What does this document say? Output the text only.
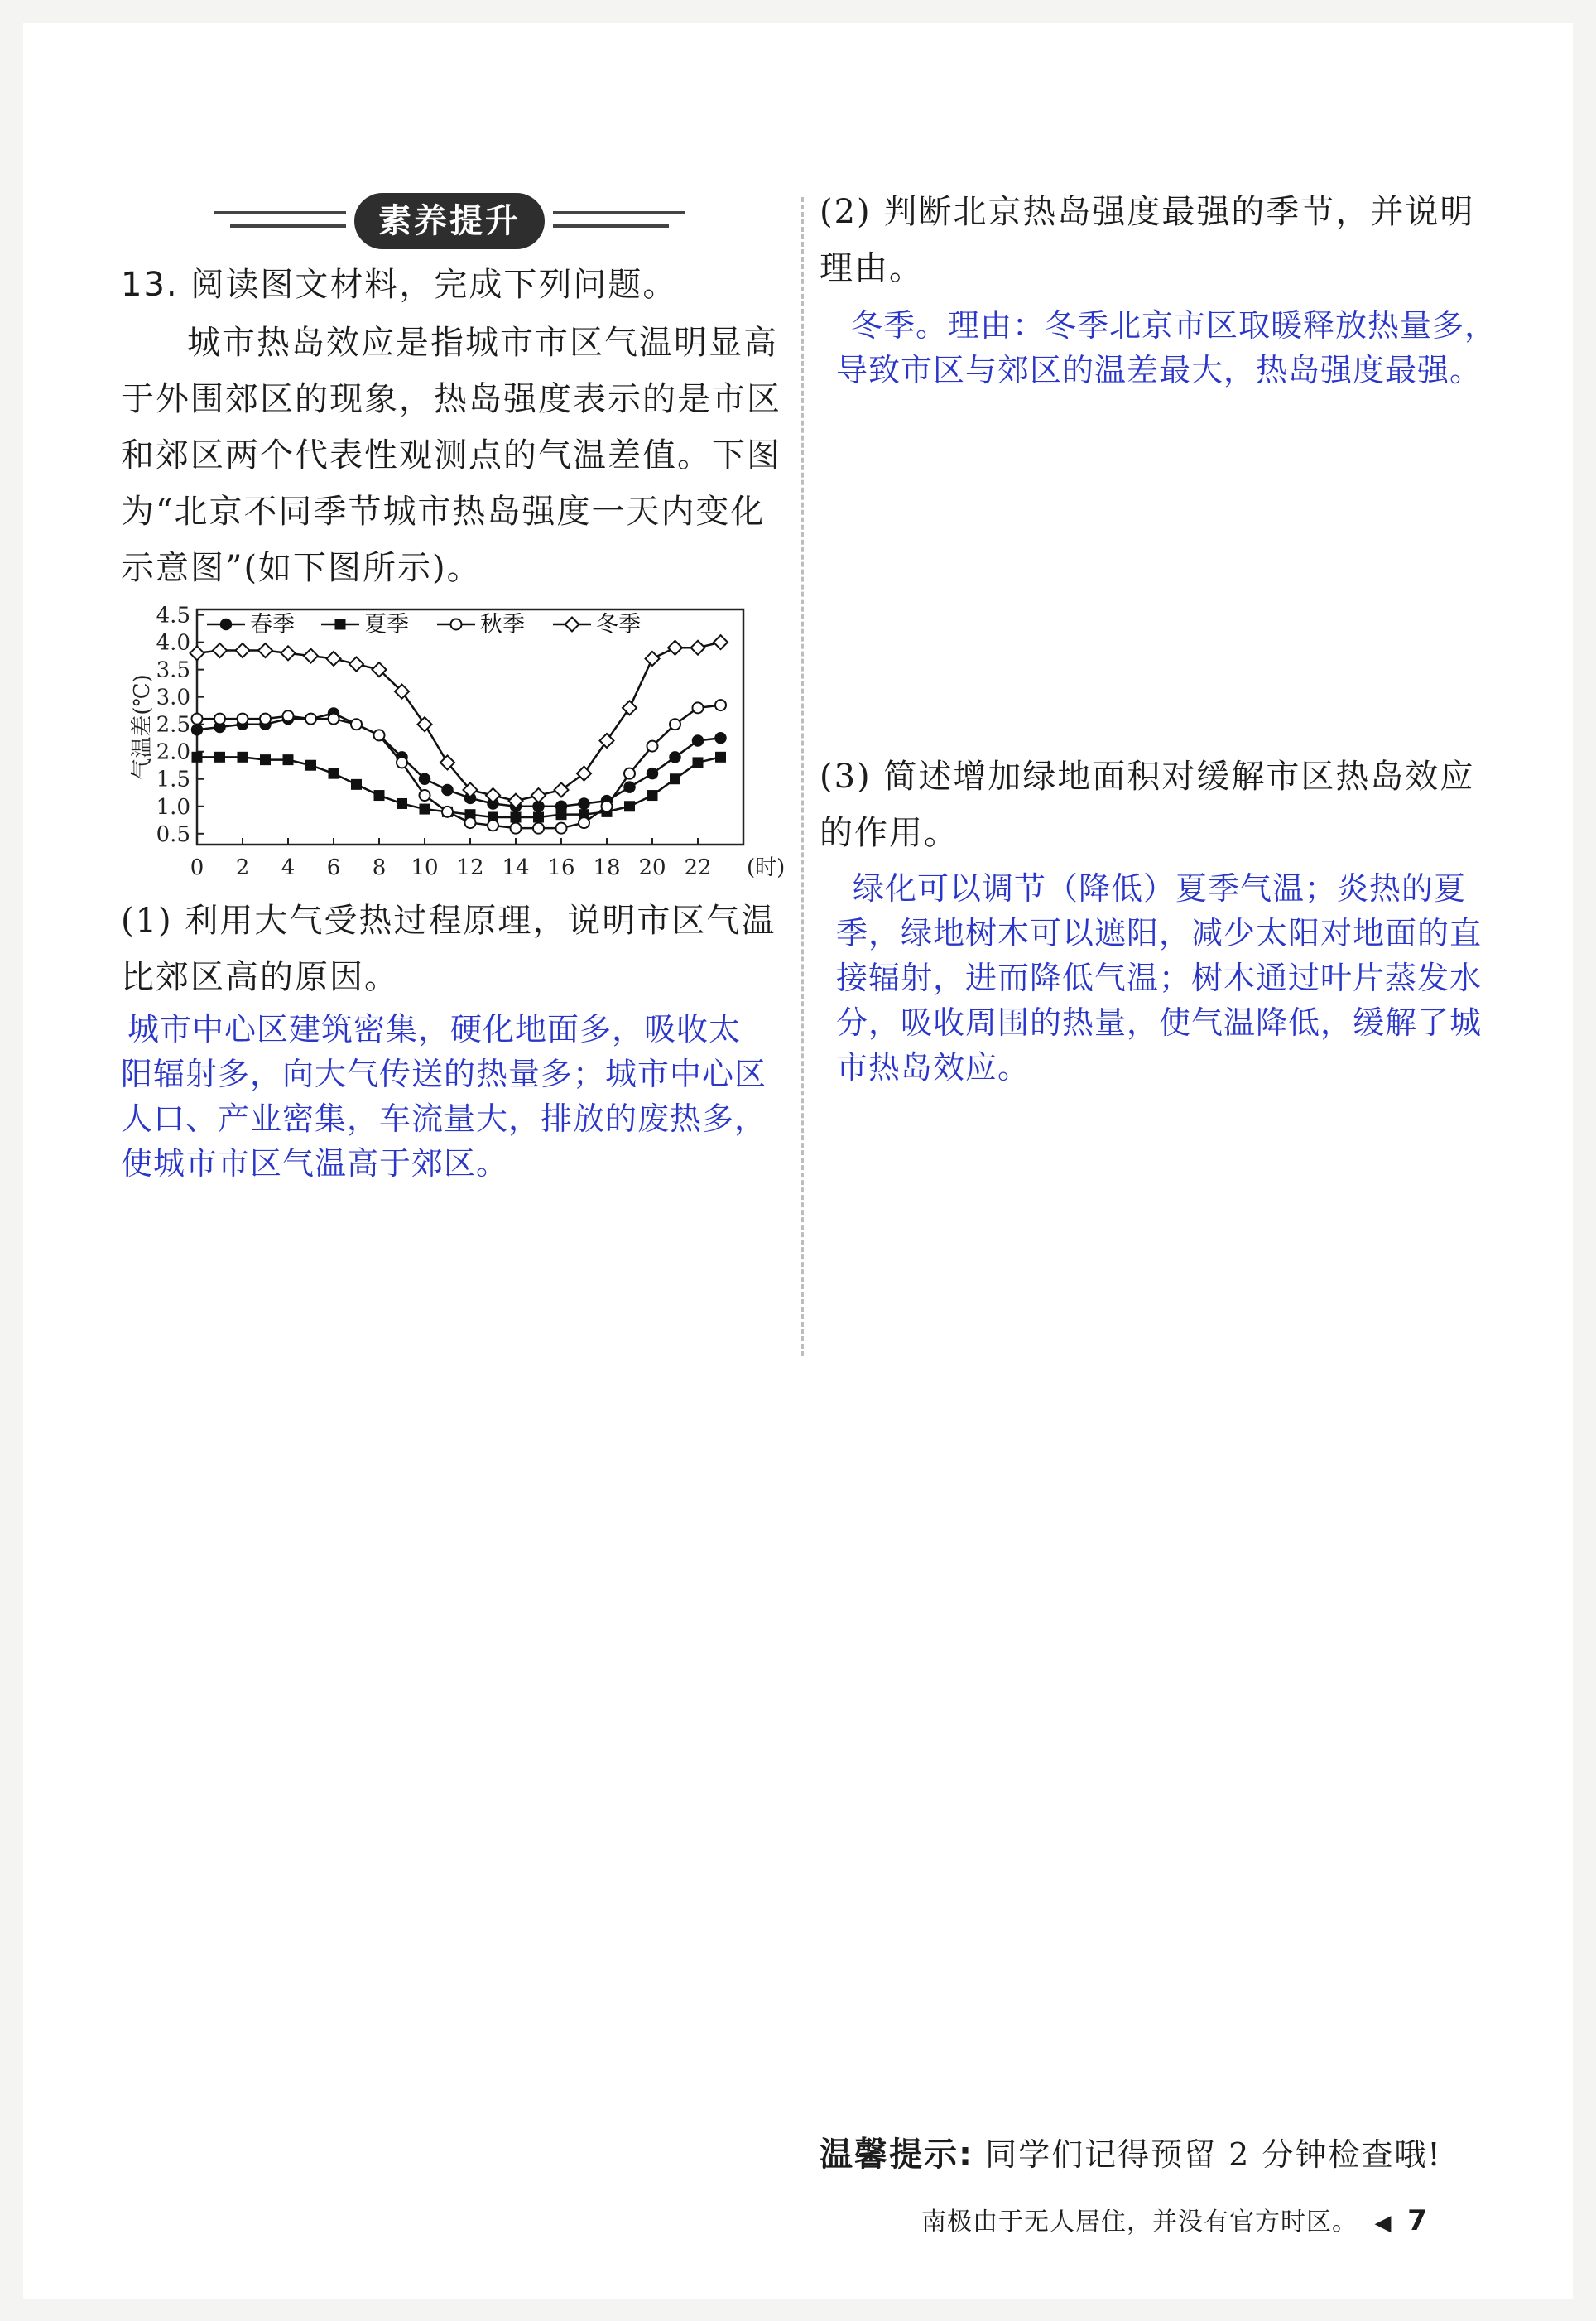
素养提升
13. 阅读图文材料，完成下列问题。
城市热岛效应是指城市市区气温明显高
于外围郊区的现象，热岛强度表示的是市区
和郊区两个代表性观测点的气温差值。下图
为“北京不同季节城市热岛强度一天内变化
示意图”(如下图所示)。
0.5
1.0
1.5
2.0
2.5
3.0
3.5
4.0
4.5
0 2 4 6 8 10 12 14 16 18 20 22 (时)
气温差(℃)
春季	夏季	秋季	冬季
(1) 利用大气受热过程原理，说明市区气温
比郊区高的原因。
城市中心区建筑密集，硬化地面多，吸收太
阳辐射多，向大气传送的热量多；城市中心区
人口、产业密集，车流量大，排放的废热多，
使城市市区气温高于郊区。
(2) 判断北京热岛强度最强的季节，并说明
理由。
冬季。理由：冬季北京市区取暖释放热量多，
导致市区与郊区的温差最大，热岛强度最强。
(3) 简述增加绿地面积对缓解市区热岛效应
的作用。
绿化可以调节（降低）夏季气温；炎热的夏
季，绿地树木可以遮阳，减少太阳对地面的直
接辐射，进而降低气温；树木通过叶片蒸发水
分，吸收周围的热量，使气温降低，缓解了城
市热岛效应。
温馨提示: 同学们记得预留 2 分钟检查哦!
南极由于无人居住，并没有官方时区。 ◀ 7
